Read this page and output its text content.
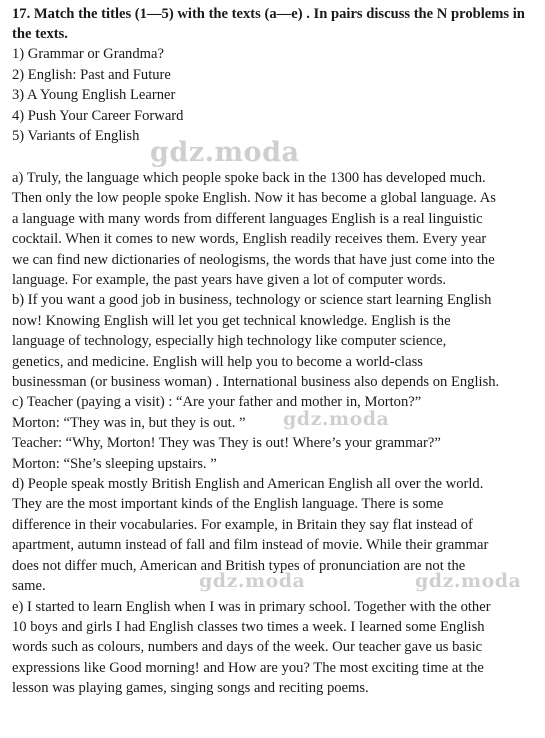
17. Match the titles (1—5) with the texts (a—e) . In pairs discuss the N problems in the texts.

1) Grammar or Grandma?
2) English: Past and Future
3) A Young English Learner
4) Push Your Career Forward
5) Variants of English

a) Truly, the language which people spoke back in the 1300 has developed much.
Then only the low people spoke English. Now it has become a global language. As
a language with many words from different languages English is a real linguistic
cocktail. When it comes to new words, English readily receives them. Every year
we can find new dictionaries of neologisms, the words that have just come into the
language. For example, the past years have given a lot of computer words.

b) If you want a good job in business, technology or science start learning English
now! Knowing English will let you get technical knowledge. English is the
language of technology, especially high technology like computer science,
genetics, and medicine. English will help you to become a world-class
businessman (or business woman) . International business also depends on English.

c) Teacher (paying a visit) : “Are your father and mother in, Morton?”
Morton: “They was in, but they is out. ”
Teacher: “Why, Morton! They was They is out! Where’s your grammar?”
Morton: “She’s sleeping upstairs. ”

d) People speak mostly British English and American English all over the world.
They are the most important kinds of the English language. There is some
difference in their vocabularies. For example, in Britain they say flat instead of
apartment, autumn instead of fall and film instead of movie. While their grammar
does not differ much, American and British types of pronunciation are not the
same.

e) I started to learn English when I was in primary school. Together with the other
10 boys and girls I had English classes two times a week. I learned some English
words such as colours, numbers and days of the week. Our teacher gave us basic
expressions like Good morning! and How are you? The most exciting time at the
lesson was playing games, singing songs and reciting poems.

gdz.moda
gdz.moda
gdz.moda	gdz.moda
